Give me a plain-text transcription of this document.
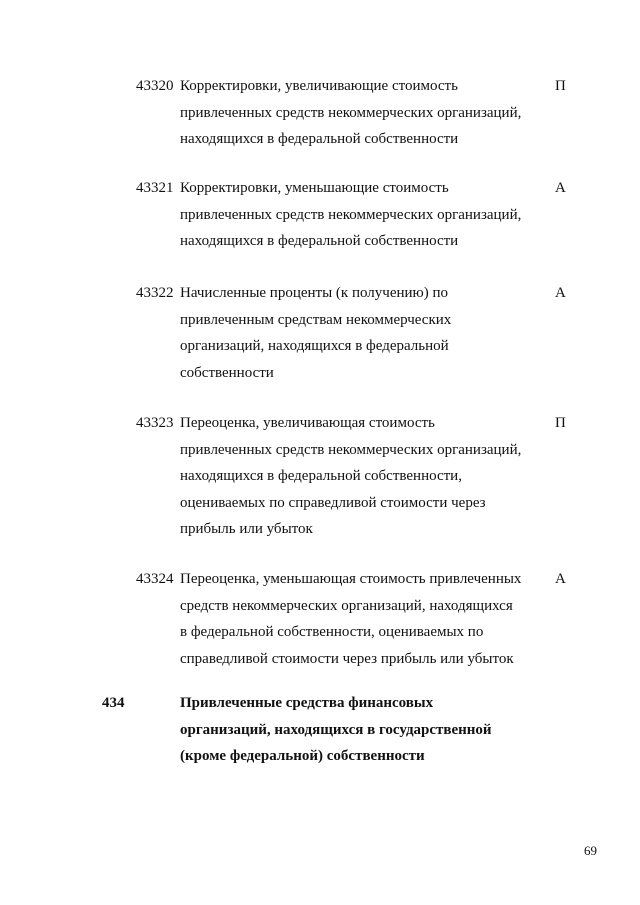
43320 Корректировки, увеличивающие стоимость
привлеченных средств некоммерческих организаций,
находящихся в федеральной собственности
П
43321 Корректировки, уменьшающие стоимость
привлеченных средств некоммерческих организаций,
находящихся в федеральной собственности
А
43322 Начисленные проценты (к получению) по
привлеченным средствам некоммерческих
организаций, находящихся в федеральной
собственности
А
43323 Переоценка, увеличивающая стоимость
привлеченных средств некоммерческих организаций,
находящихся в федеральной собственности,
оцениваемых по справедливой стоимости через
прибыль или убыток
П
43324 Переоценка, уменьшающая стоимость привлеченных
средств некоммерческих организаций, находящихся
в федеральной собственности, оцениваемых по
справедливой стоимости через прибыль или убыток
А
434	Привлеченные средства финансовых
организаций, находящихся в государственной
(кроме федеральной) собственности
69
